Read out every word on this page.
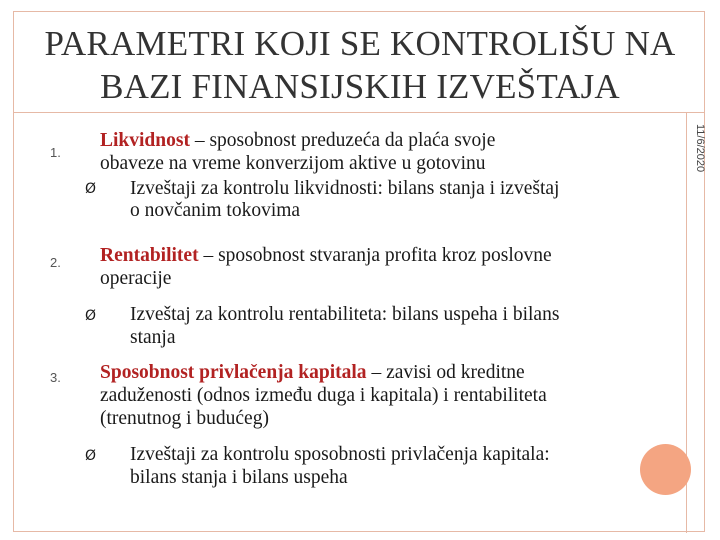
PARAMETRI KOJI SE KONTROLIŠU NA
BAZI FINANSIJSKIH IZVEŠTAJA
11/6/2020
1.
Likvidnost – sposobnost preduzeća da plaća svoje
obaveze na vreme konverzijom aktive u gotovinu
Ø Izveštaji za kontrolu likvidnosti: bilans stanja i izveštaj
o novčanim tokovima
2. Rentabilitet – sposobnost stvaranja profita kroz poslovne
operacije
Ø Izveštaj za kontrolu rentabiliteta: bilans uspeha i bilans
stanja
3. Sposobnost privlačenja kapitala – zavisi od kreditne
zaduženosti (odnos između duga i kapitala) i rentabiliteta
(trenutnog i budućeg)
Ø Izveštaji za kontrolu sposobnosti privlačenja kapitala:
bilans stanja i bilans uspeha
